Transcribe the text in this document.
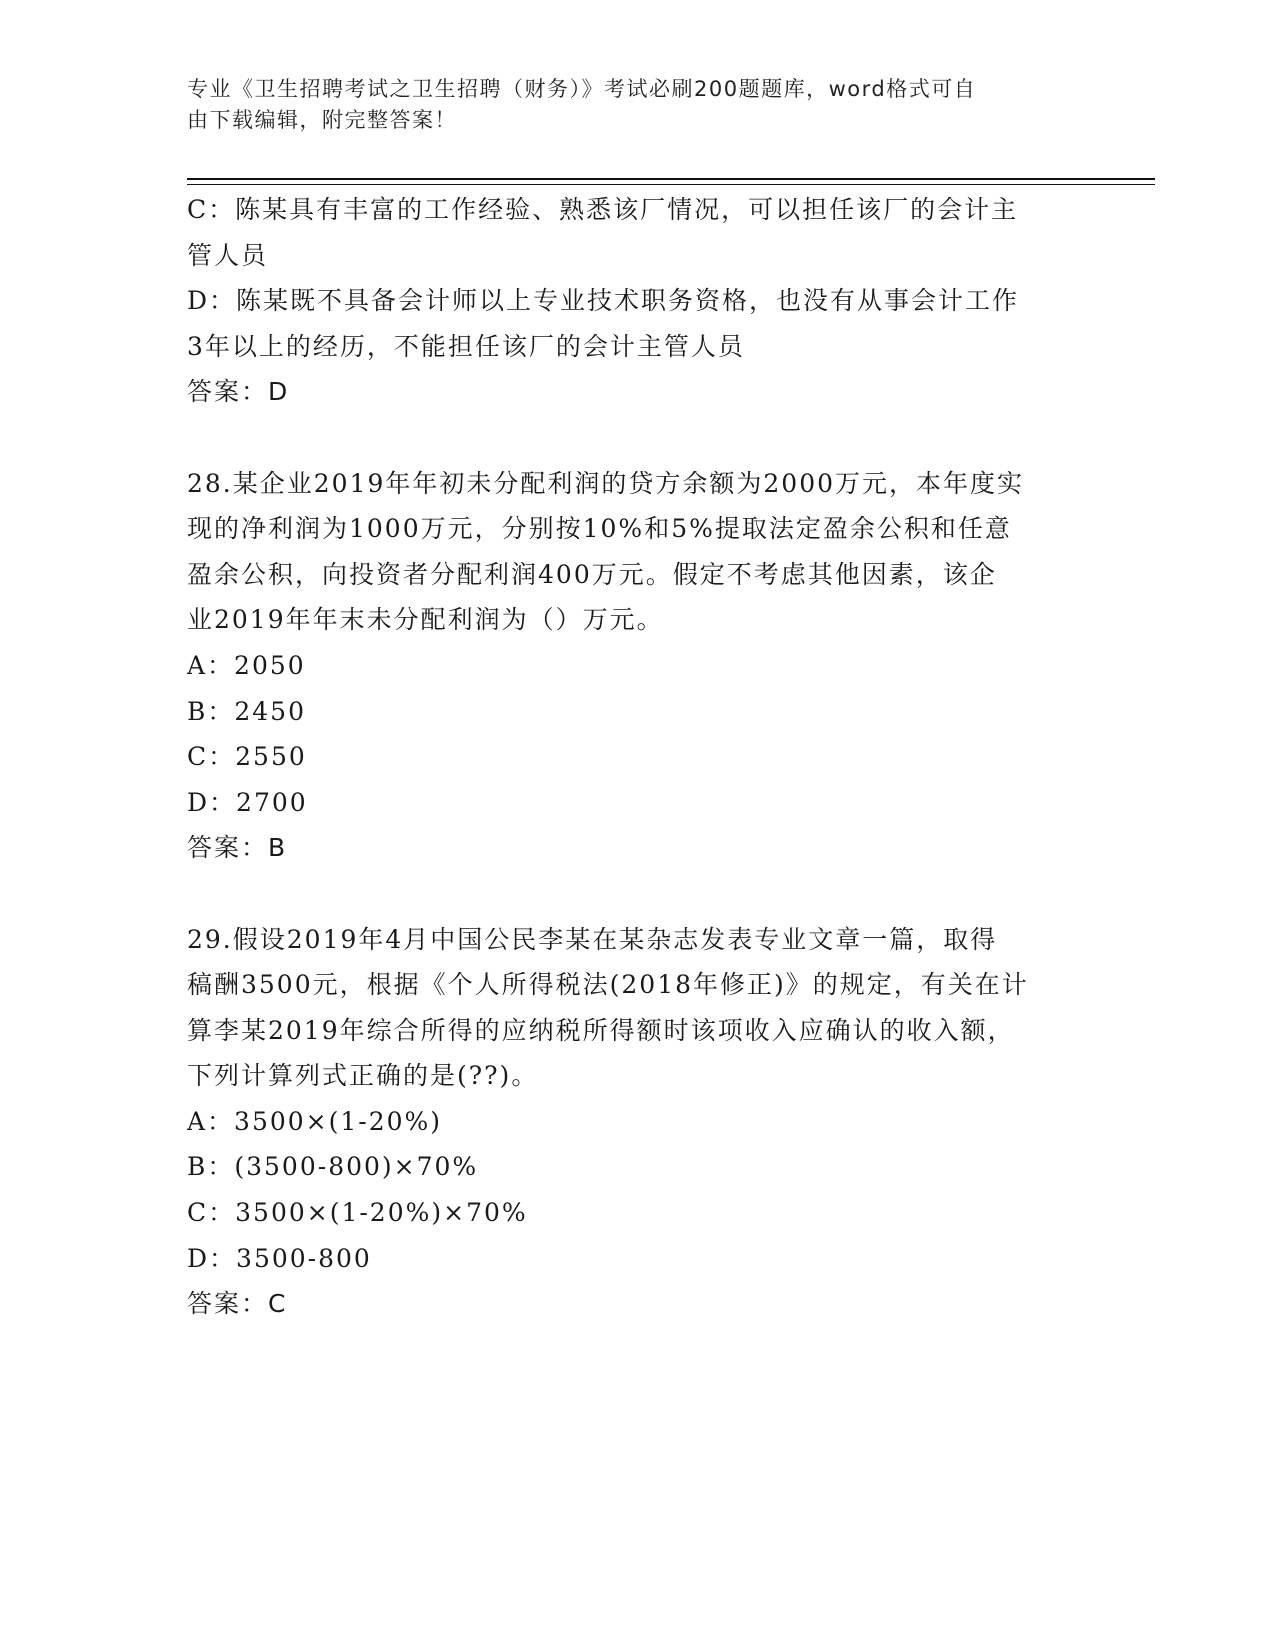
专业《卫生招聘考试之卫生招聘（财务）》考试必刷200题题库，word格式可自
由下载编辑，附完整答案！
C：陈某具有丰富的工作经验、熟悉该厂情况，可以担任该厂的会计主
管人员
D：陈某既不具备会计师以上专业技术职务资格，也没有从事会计工作
3年以上的经历，不能担任该厂的会计主管人员
答案：D
28.某企业2019年年初未分配利润的贷方余额为2000万元，本年度实
现的净利润为1000万元，分别按10%和5%提取法定盈余公积和任意
盈余公积，向投资者分配利润400万元。假定不考虑其他因素，该企
业2019年年末未分配利润为（）万元。
A：2050
B：2450
C：2550
D：2700
答案：B
29.假设2019年4月中国公民李某在某杂志发表专业文章一篇，取得
稿酬3500元，根据《个人所得税法(2018年修正)》的规定，有关在计
算李某2019年综合所得的应纳税所得额时该项收入应确认的收入额，
下列计算列式正确的是(??)。
A：3500×(1-20%)
B：(3500-800)×70%
C：3500×(1-20%)×70%
D：3500-800
答案：C
